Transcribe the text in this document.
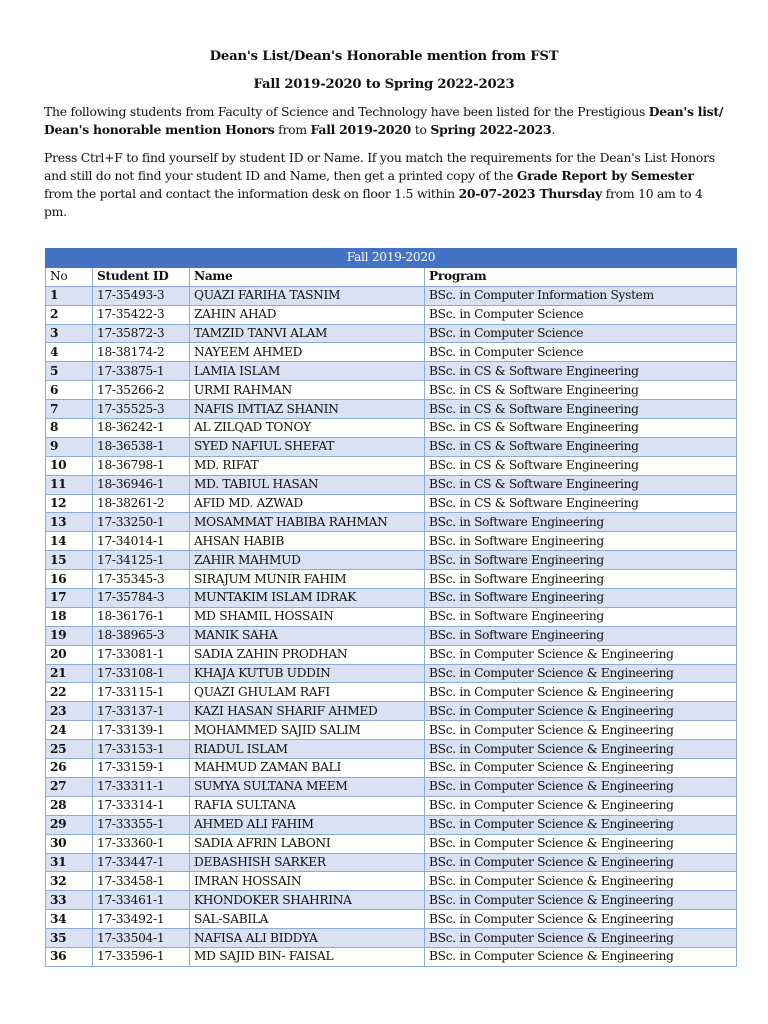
Dean's List/Dean's Honorable mention from FST

Fall 2019-2020 to Spring 2022-2023

The following students from Faculty of Science and Technology have been listed for the Prestigious Dean's list/ Dean's honorable mention Honors from Fall 2019-2020 to Spring 2022-2023.

Press Ctrl+F to find yourself by student ID or Name. If you match the requirements for the Dean's List Honors and still do not find your student ID and Name, then get a printed copy of the Grade Report by Semester from the portal and contact the information desk on floor 1.5 within 20-07-2023 Thursday from 10 am to 4 pm.

Fall 2019-2020			
No	Student ID	Name	Program
1	17-35493-3	QUAZI FARIHA TASNIM	BSc. in Computer Information System
2	17-35422-3	ZAHIN AHAD	BSc. in Computer Science
3	17-35872-3	TAMZID TANVI ALAM	BSc. in Computer Science
4	18-38174-2	NAYEEM AHMED	BSc. in Computer Science
5	17-33875-1	LAMIA ISLAM	BSc. in CS & Software Engineering
6	17-35266-2	URMI RAHMAN	BSc. in CS & Software Engineering
7	17-35525-3	NAFIS IMTIAZ SHANIN	BSc. in CS & Software Engineering
8	18-36242-1	AL ZILQAD TONOY	BSc. in CS & Software Engineering
9	18-36538-1	SYED NAFIUL SHEFAT	BSc. in CS & Software Engineering
10	18-36798-1	MD. RIFAT	BSc. in CS & Software Engineering
11	18-36946-1	MD. TABIUL HASAN	BSc. in CS & Software Engineering
12	18-38261-2	AFID MD. AZWAD	BSc. in CS & Software Engineering
13	17-33250-1	MOSAMMAT HABIBA RAHMAN	BSc. in Software Engineering
14	17-34014-1	AHSAN HABIB	BSc. in Software Engineering
15	17-34125-1	ZAHIR MAHMUD	BSc. in Software Engineering
16	17-35345-3	SIRAJUM MUNIR FAHIM	BSc. in Software Engineering
17	17-35784-3	MUNTAKIM ISLAM IDRAK	BSc. in Software Engineering
18	18-36176-1	MD SHAMIL HOSSAIN	BSc. in Software Engineering
19	18-38965-3	MANIK SAHA	BSc. in Software Engineering
20	17-33081-1	SADIA ZAHIN PRODHAN	BSc. in Computer Science & Engineering
21	17-33108-1	KHAJA KUTUB UDDIN	BSc. in Computer Science & Engineering
22	17-33115-1	QUAZI GHULAM RAFI	BSc. in Computer Science & Engineering
23	17-33137-1	KAZI HASAN SHARIF AHMED	BSc. in Computer Science & Engineering
24	17-33139-1	MOHAMMED SAJID SALIM	BSc. in Computer Science & Engineering
25	17-33153-1	RIADUL ISLAM	BSc. in Computer Science & Engineering
26	17-33159-1	MAHMUD ZAMAN BALI	BSc. in Computer Science & Engineering
27	17-33311-1	SUMYA SULTANA MEEM	BSc. in Computer Science & Engineering
28	17-33314-1	RAFIA SULTANA	BSc. in Computer Science & Engineering
29	17-33355-1	AHMED ALI FAHIM	BSc. in Computer Science & Engineering
30	17-33360-1	SADIA AFRIN LABONI	BSc. in Computer Science & Engineering
31	17-33447-1	DEBASHISH SARKER	BSc. in Computer Science & Engineering
32	17-33458-1	IMRAN HOSSAIN	BSc. in Computer Science & Engineering
33	17-33461-1	KHONDOKER SHAHRINA	BSc. in Computer Science & Engineering
34	17-33492-1	SAL-SABILA	BSc. in Computer Science & Engineering
35	17-33504-1	NAFISA ALI BIDDYA	BSc. in Computer Science & Engineering
36	17-33596-1	MD SAJID BIN- FAISAL	BSc. in Computer Science & Engineering
